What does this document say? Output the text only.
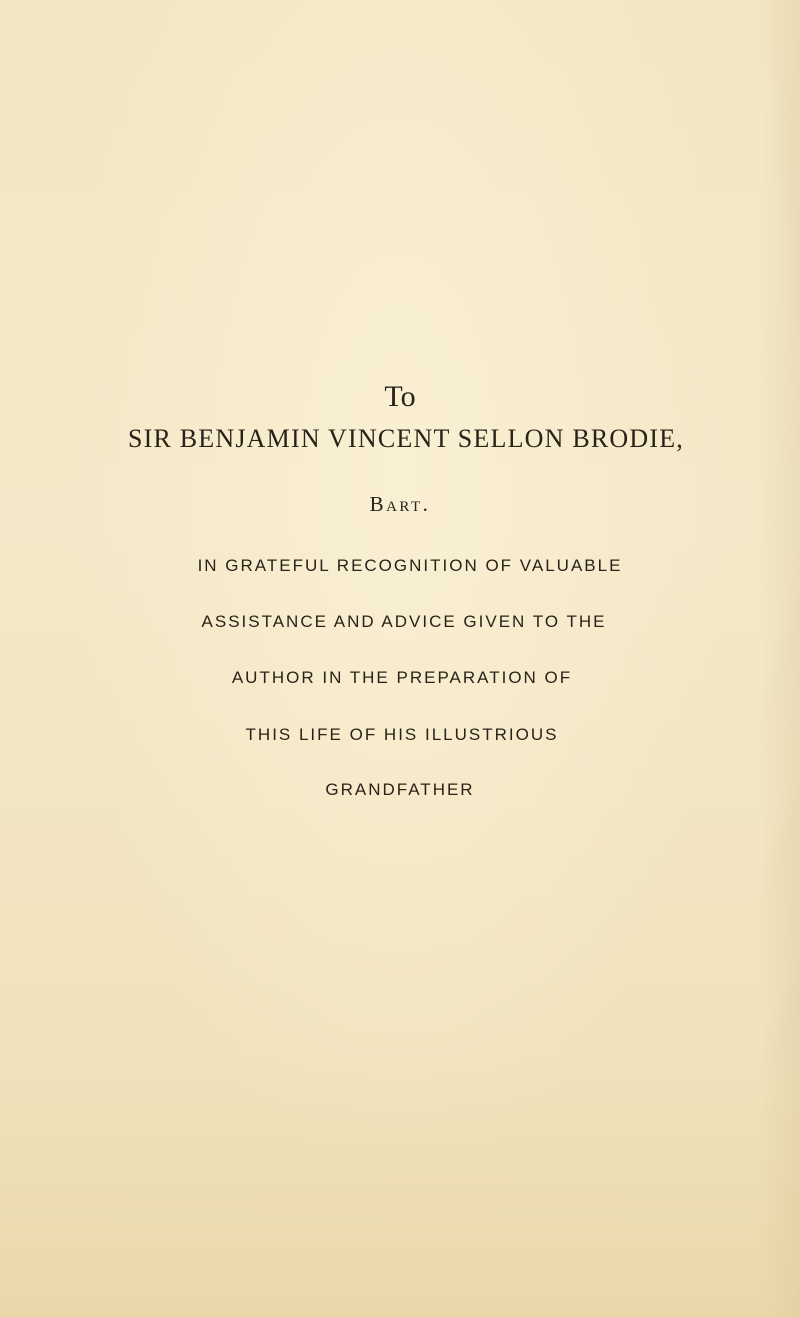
To
SIR BENJAMIN VINCENT SELLON BRODIE,
Bart.
IN GRATEFUL RECOGNITION OF VALUABLE
ASSISTANCE AND ADVICE GIVEN TO THE
AUTHOR IN THE PREPARATION OF
THIS LIFE OF HIS ILLUSTRIOUS
GRANDFATHER
